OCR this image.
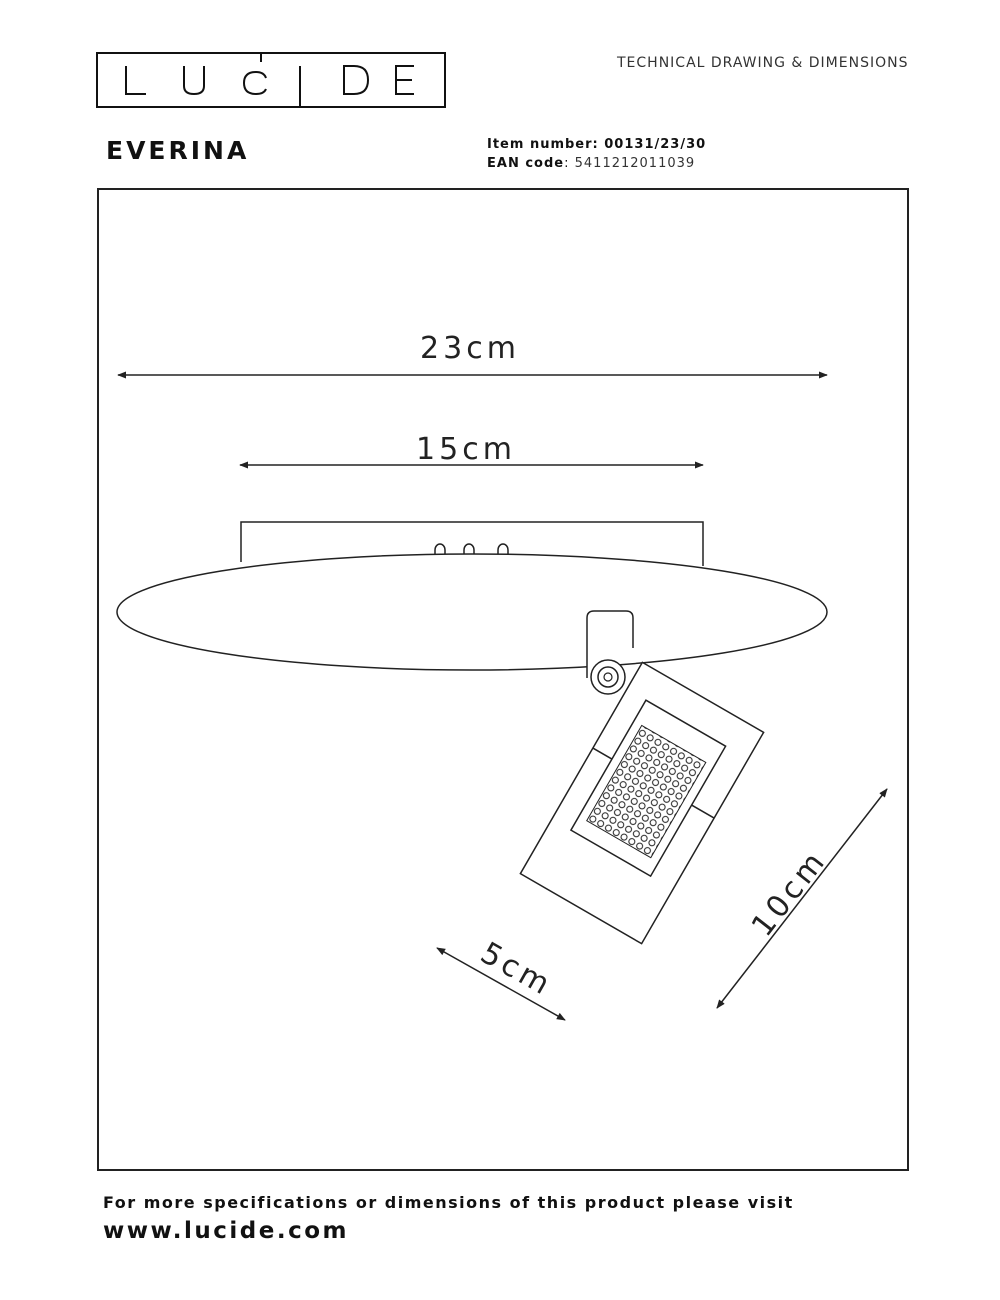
TECHNICAL DRAWING & DIMENSIONS
EVERINA	Item number: 00131/23/30
EAN code: 5411212011039
23cm
15cm
5cm
10cm
For more specifications or dimensions of this product please visit
www.lucide.com
